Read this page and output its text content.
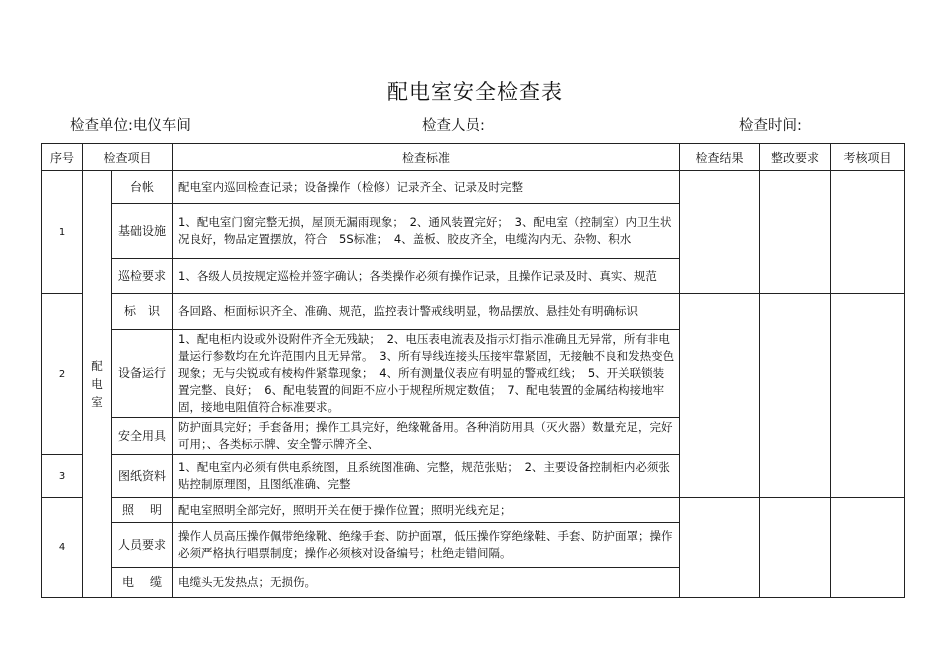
配电室安全检查表
检查单位:电仪车间	检查人员:	检查时间:
序号	检查项目		检查标准	检查结果	整改要求	考核项目
1	配电室	台帐	配电室内巡回检查记录；设备操作（检修）记录齐全、记录及时完整			

		基础设施	1、配电室门窗完整无损，屋顶无漏雨现象；　2、通风装置完好；　3、配电室（控制室）内卫生状况良好，物品定置摆放，符合　5S标准；　4、盖板、胶皮齐全，电缆沟内无、杂物、积水			

		巡检要求	1、各级人员按规定巡检并签字确认；各类操作必须有操作记录，且操作记录及时、真实、规范			
2		标　识	各回路、柜面标识齐全、准确、规范，监控表计警戒线明显，物品摆放、悬挂处有明确标识			

		设备运行	1、配电柜内设或外设附件齐全无残缺；　2、电压表电流表及指示灯指示准确且无异常，所有非电量运行参数均在允许范围内且无异常。　3、所有导线连接头压接牢靠紧固，无接触不良和发热变色现象；无与尖锐或有棱构件紧靠现象；　4、所有测量仪表应有明显的警戒红线；　5、开关联锁装置完整、良好；　6、配电装置的间距不应小于规程所规定数值；　7、配电装置的金属结构接地牢固，接地电阻值符合标准要求。			

		安全用具	防护面具完好；手套备用；操作工具完好，绝缘靴备用。各种消防用具（灭火器）数量充足，完好可用；、各类标示牌、安全警示牌齐全、			
3		图纸资料	1、配电室内必须有供电系统图，且系统图准确、完整，规范张贴；　2、主要设备控制柜内必须张贴控制原理图，且图纸准确、完整			
4		照明	配电室照明全部完好，照明开关在便于操作位置；照明光线充足；			

		人员要求	操作人员高压操作佩带绝缘靴、绝缘手套、防护面罩，低压操作穿绝缘鞋、手套、防护面罩；操作必须严格执行唱票制度；操作必须核对设备编号；杜绝走错间隔。			
		电缆	电缆头无发热点；无损伤。			
